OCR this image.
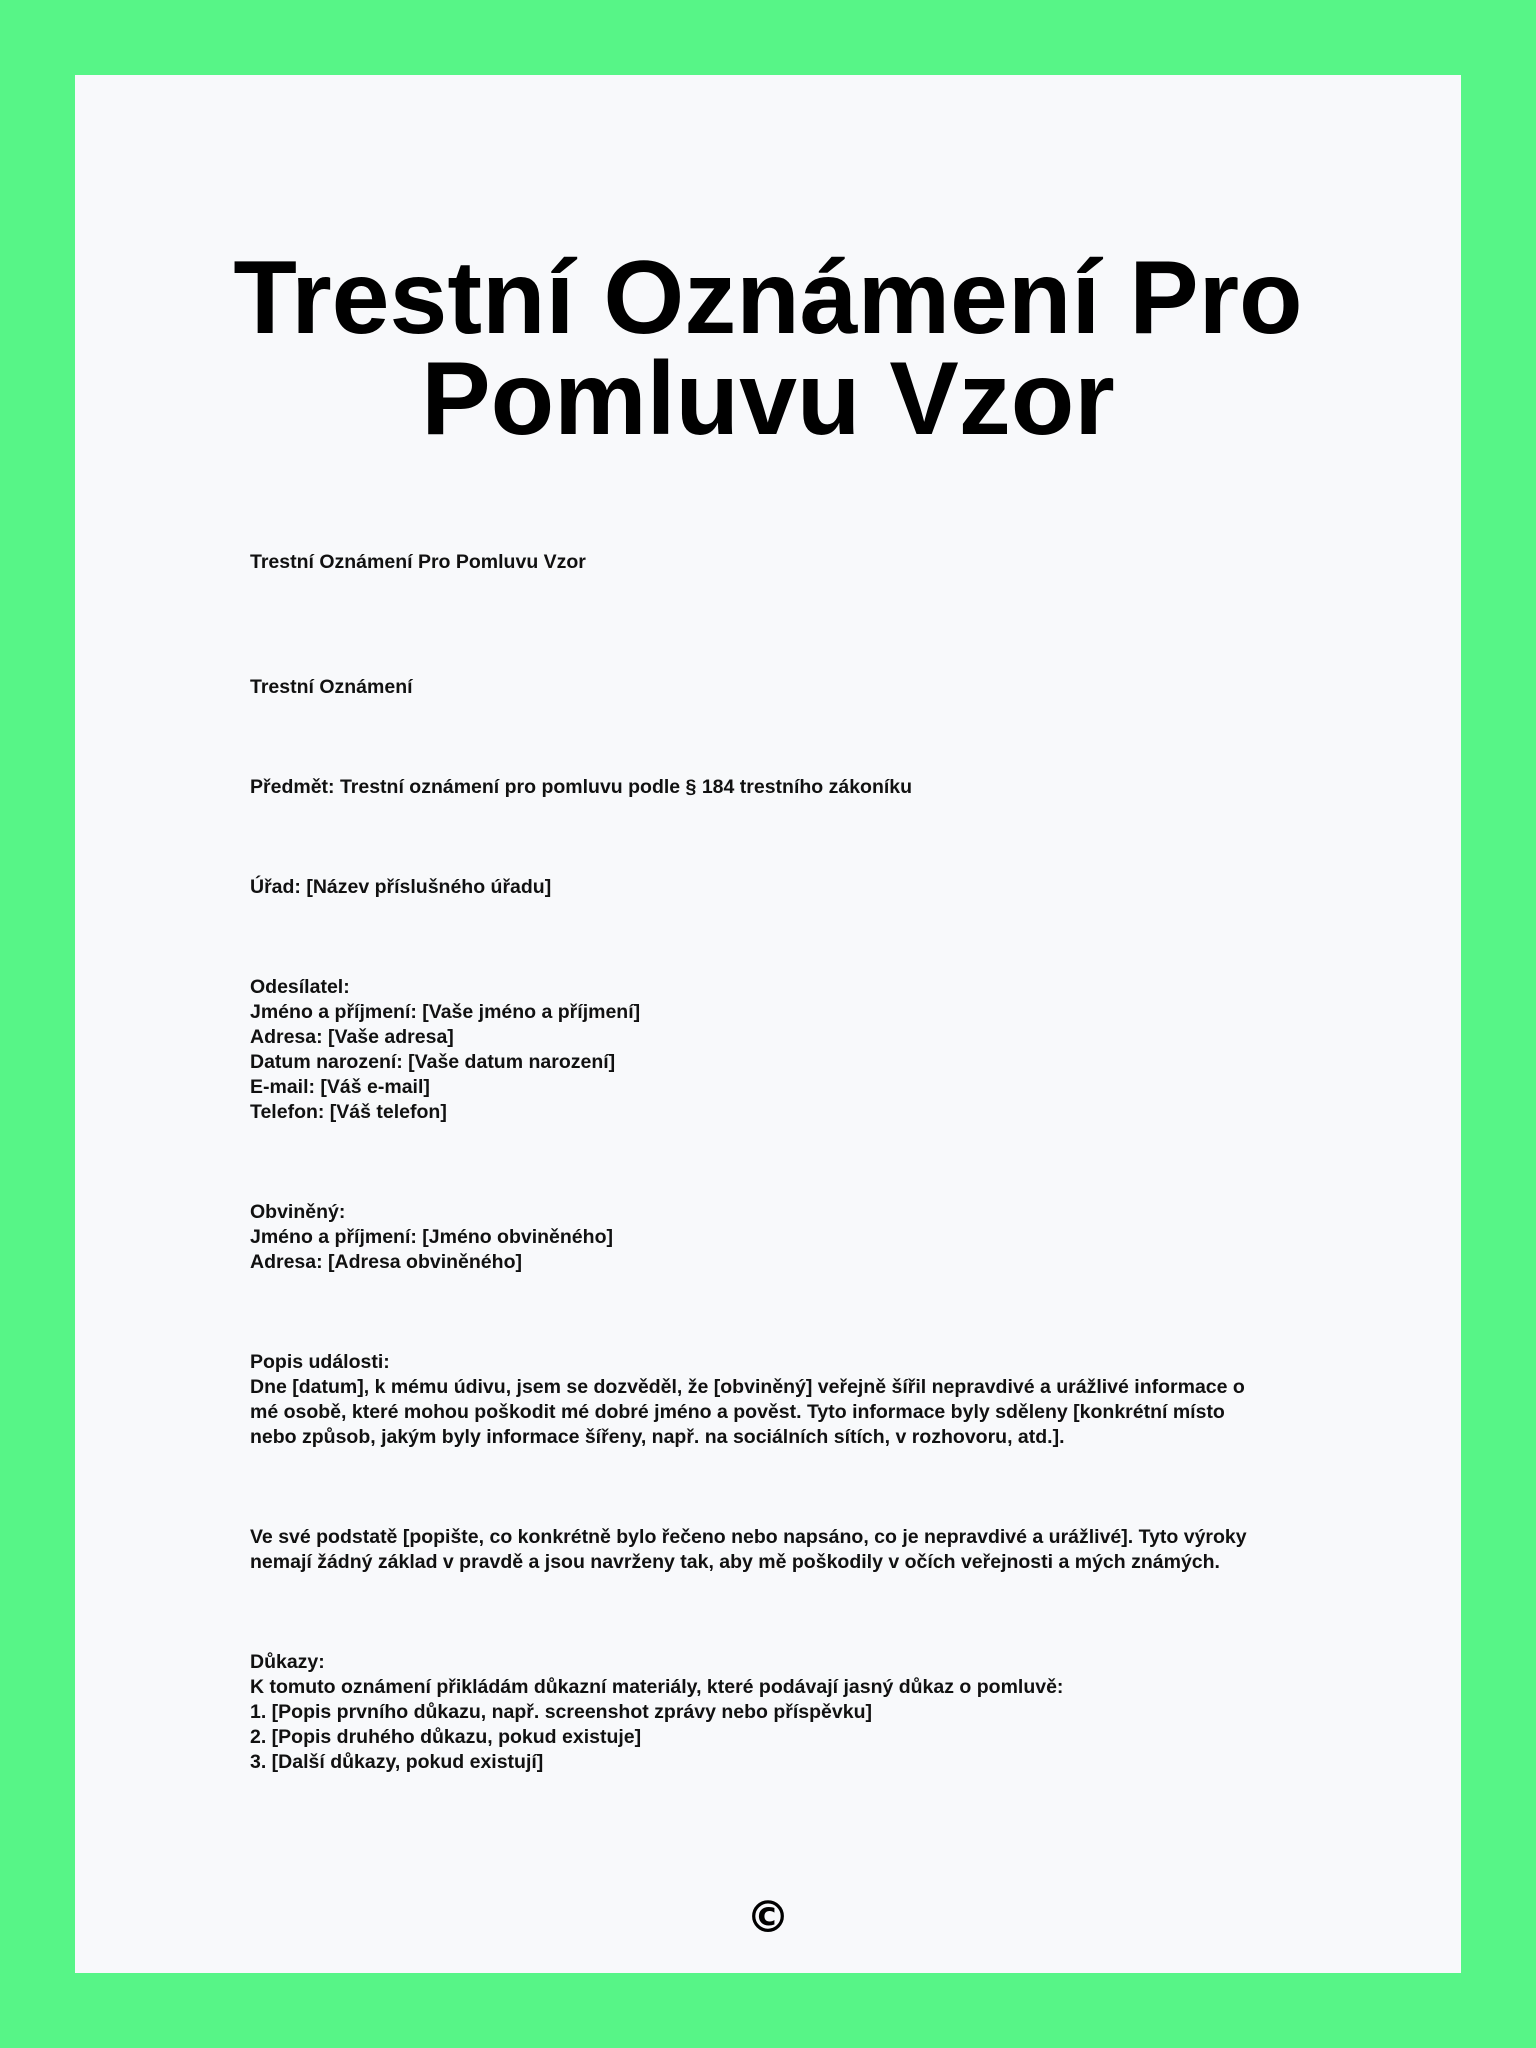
Trestní Oznámení Pro
Pomluvu Vzor

Trestní Oznámení Pro Pomluvu Vzor

Trestní Oznámení

Předmět: Trestní oznámení pro pomluvu podle § 184 trestního zákoníku

Úřad: [Název příslušného úřadu]

Odesílatel:
Jméno a příjmení: [Vaše jméno a příjmení]
Adresa: [Vaše adresa]
Datum narození: [Vaše datum narození]
E-mail: [Váš e-mail]
Telefon: [Váš telefon]

Obviněný:
Jméno a příjmení: [Jméno obviněného]
Adresa: [Adresa obviněného]

Popis události:
Dne [datum], k mému údivu, jsem se dozvěděl, že [obviněný] veřejně šířil nepravdivé a urážlivé informace o
mé osobě, které mohou poškodit mé dobré jméno a pověst. Tyto informace byly sděleny [konkrétní místo
nebo způsob, jakým byly informace šířeny, např. na sociálních sítích, v rozhovoru, atd.].

Ve své podstatě [popište, co konkrétně bylo řečeno nebo napsáno, co je nepravdivé a urážlivé]. Tyto výroky
nemají žádný základ v pravdě a jsou navrženy tak, aby mě poškodily v očích veřejnosti a mých známých.

Důkazy:
K tomuto oznámení přikládám důkazní materiály, které podávají jasný důkaz o pomluvě:
1. [Popis prvního důkazu, např. screenshot zprávy nebo příspěvku]
2. [Popis druhého důkazu, pokud existuje]
3. [Další důkazy, pokud existují]

©
